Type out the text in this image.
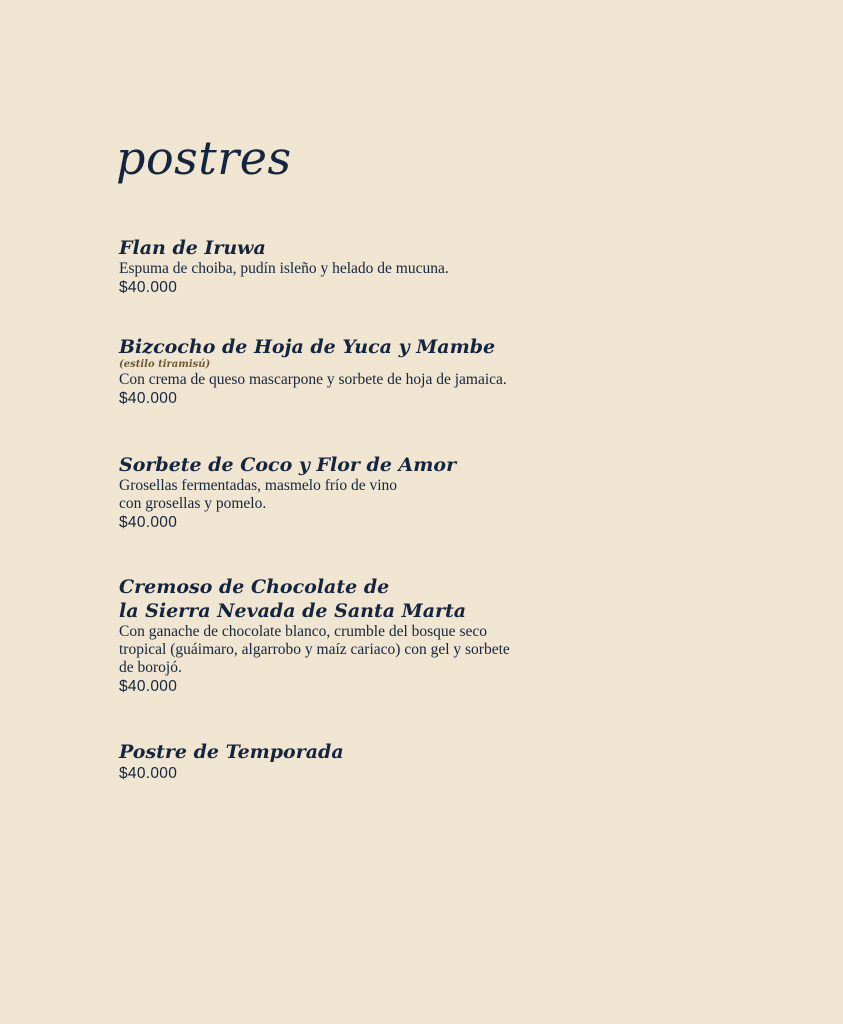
postres

Flan de Iruwa

Espuma de choiba, pudín isleño y helado de mucuna.

$40.000

Bizcocho de Hoja de Yuca y Mambe

(estilo tiramisú)

Con crema de queso mascarpone y sorbete de hoja de jamaica.

$40.000

Sorbete de Coco y Flor de Amor

Grosellas fermentadas, masmelo frío de vino
con grosellas y pomelo.

$40.000

Cremoso de Chocolate de
la Sierra Nevada de Santa Marta

Con ganache de chocolate blanco, crumble del bosque seco
tropical (guáimaro, algarrobo y maíz cariaco) con gel y sorbete
de borojó.

$40.000

Postre de Temporada

$40.000
